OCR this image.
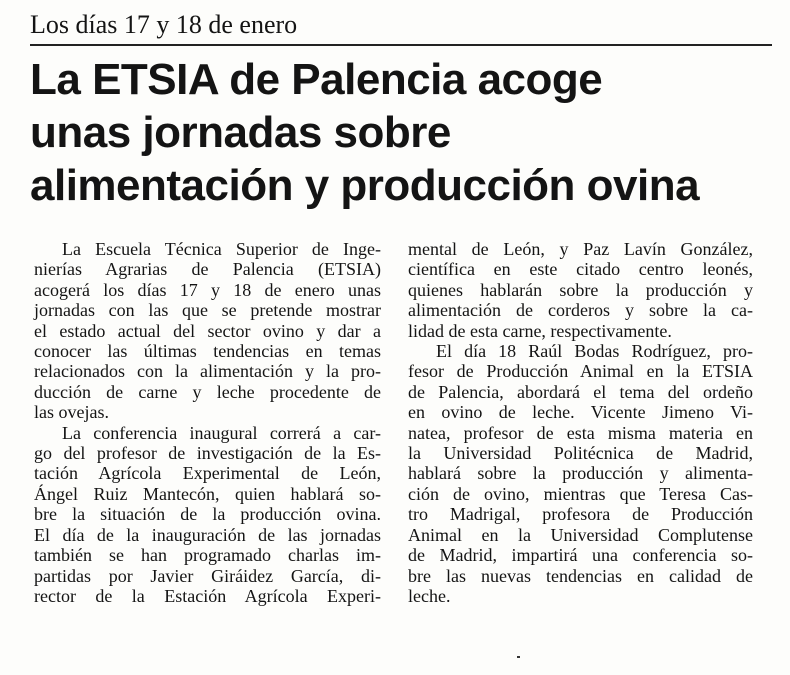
Los días 17 y 18 de enero
La ETSIA de Palencia acoge
unas jornadas sobre
alimentación y producción ovina

La Escuela Técnica Superior de Inge-
nierías Agrarias de Palencia (ETSIA)
acogerá los días 17 y 18 de enero unas
jornadas con las que se pretende mostrar
el estado actual del sector ovino y dar a
conocer las últimas tendencias en temas
relacionados con la alimentación y la pro-
ducción de carne y leche procedente de
las ovejas.

La conferencia inaugural correrá a car-
go del profesor de investigación de la Es-
tación Agrícola Experimental de León,
Ángel Ruiz Mantecón, quien hablará so-
bre la situación de la producción ovina.
El día de la inauguración de las jornadas
también se han programado charlas im-
partidas por Javier Giráidez García, di-
rector de la Estación Agrícola Experi-

mental de León, y Paz Lavín González,
científica en este citado centro leonés,
quienes hablarán sobre la producción y
alimentación de corderos y sobre la ca-
lidad de esta carne, respectivamente.

El día 18 Raúl Bodas Rodríguez, pro-
fesor de Producción Animal en la ETSIA
de Palencia, abordará el tema del ordeño
en ovino de leche. Vicente Jimeno Vi-
natea, profesor de esta misma materia en
la Universidad Politécnica de Madrid,
hablará sobre la producción y alimenta-
ción de ovino, mientras que Teresa Cas-
tro Madrigal, profesora de Producción
Animal en la Universidad Complutense
de Madrid, impartirá una conferencia so-
bre las nuevas tendencias en calidad de
leche.
